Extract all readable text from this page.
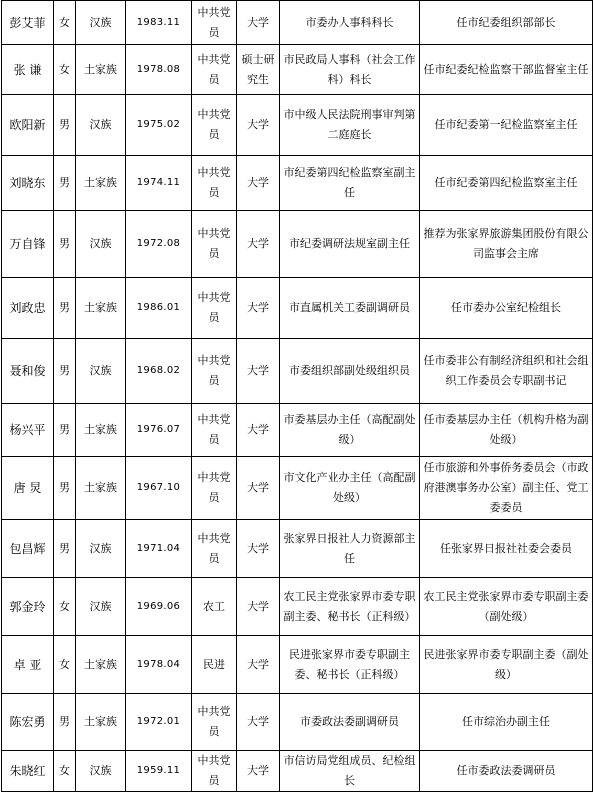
彭艾菲	女	汉族	1983.11	中共党员	大学	市委办人事科科长	任市纪委组织部部长
张 谦	女	土家族	1978.08	中共党员	硕士研究生	市民政局人事科（社会工作科）科长	任市纪委纪检监察干部监督室主任
欧阳新	男	汉族	1975.02	中共党员	大学	市中级人民法院刑事审判第二庭庭长	任市纪委第一纪检监察室主任
刘晓东	男	土家族	1974.11	中共党员	大学	市纪委第四纪检监察室副主任	任市纪委第四纪检监察室主任
万自锋	男	汉族	1972.08	中共党员	大学	市纪委调研法规室副主任	推荐为张家界旅游集团股份有限公司监事会主席
刘政忠	男	土家族	1986.01	中共党员	大学	市直属机关工委副调研员	任市委办公室纪检组长
聂和俊	男	汉族	1968.02	中共党员	大学	市委组织部副处级组织员	任市委非公有制经济组织和社会组织工作委员会专职副书记
杨兴平	男	土家族	1976.07	中共党员	大学	市委基层办主任（高配副处级）	任市委基层办主任（机构升格为副处级）
唐 炅	男	土家族	1967.10	中共党员	大学	市文化产业办主任（高配副处级）	任市旅游和外事侨务委员会（市政府港澳事务办公室）副主任、党工委委员
包昌辉	男	汉族	1971.04	中共党员	大学	张家界日报社人力资源部主任	任张家界日报社社委会委员
郭金玲	女	汉族	1969.06	农工	大学	农工民主党张家界市委专职副主委、秘书长（正科级）	农工民主党张家界市委专职副主委（副处级）
卓 亚	女	土家族	1978.04	民进	大学	民进张家界市委专职副主委、秘书长（正科级）	民进张家界市委专职副主委（副处级）
陈宏勇	男	土家族	1972.01	中共党员	大学	市委政法委副调研员	任市综治办副主任
朱晓红	女	汉族	1959.11	中共党员	大学	市信访局党组成员、纪检组长	任市委政法委调研员
